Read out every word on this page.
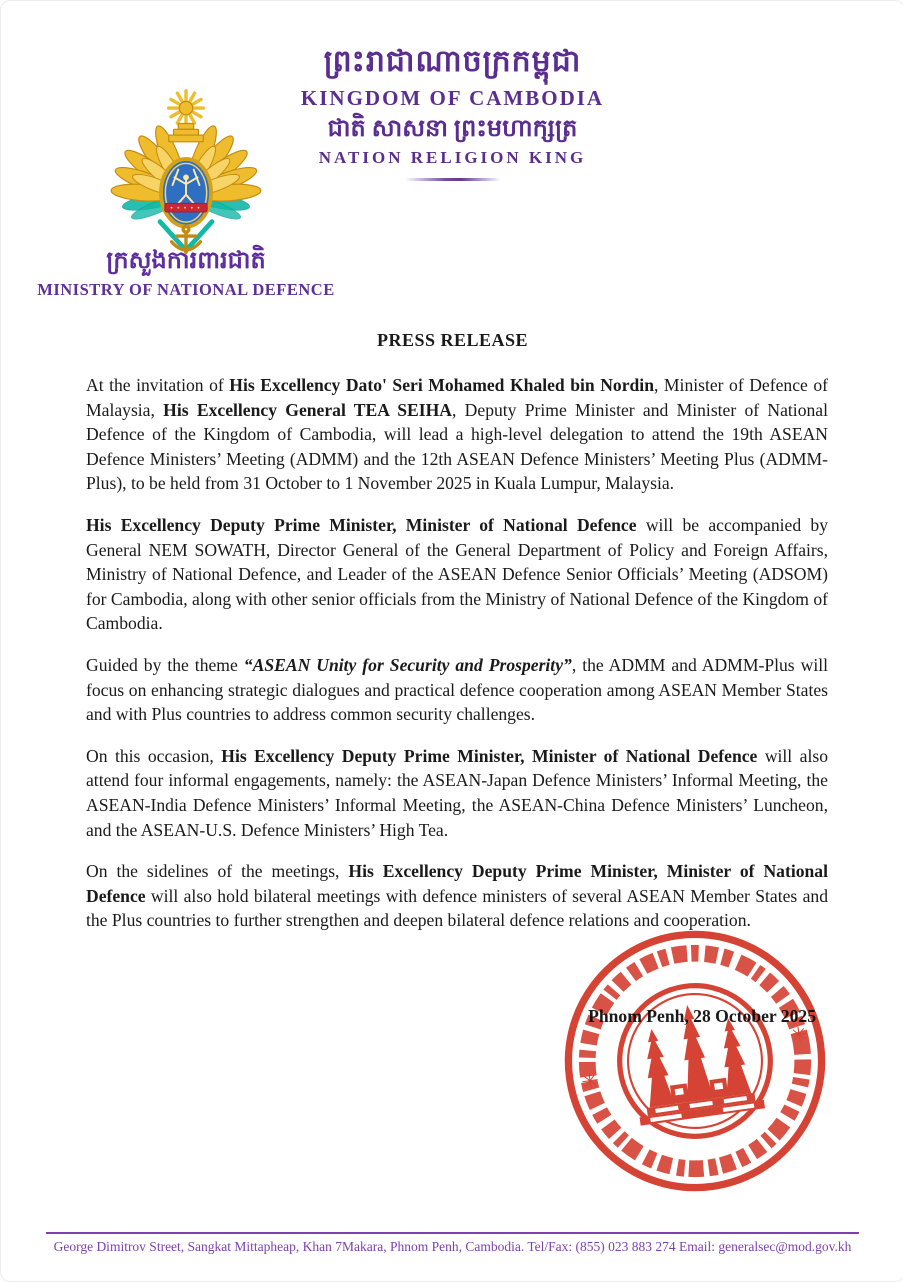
ព្រះរាជាណាចក្រកម្ពុជា
KINGDOM OF CAMBODIA
ជាតិ សាសនា ព្រះមហាក្សត្រ
NATION RELIGION KING
ក្រសួងការពារជាតិ
MINISTRY OF NATIONAL DEFENCE
PRESS RELEASE

At the invitation of His Excellency Dato' Seri Mohamed Khaled bin Nordin, Minister of Defence of Malaysia, His Excellency General TEA SEIHA, Deputy Prime Minister and Minister of National Defence of the Kingdom of Cambodia, will lead a high-level delegation to attend the 19th ASEAN Defence Ministers’ Meeting (ADMM) and the 12th ASEAN Defence Ministers’ Meeting Plus (ADMM-Plus), to be held from 31 October to 1 November 2025 in Kuala Lumpur, Malaysia.

His Excellency Deputy Prime Minister, Minister of National Defence will be accompanied by General NEM SOWATH, Director General of the General Department of Policy and Foreign Affairs, Ministry of National Defence, and Leader of the ASEAN Defence Senior Officials’ Meeting (ADSOM) for Cambodia, along with other senior officials from the Ministry of National Defence of the Kingdom of Cambodia.

Guided by the theme “ASEAN Unity for Security and Prosperity”, the ADMM and ADMM-Plus will focus on enhancing strategic dialogues and practical defence cooperation among ASEAN Member States and with Plus countries to address common security challenges.

On this occasion, His Excellency Deputy Prime Minister, Minister of National Defence will also attend four informal engagements, namely: the ASEAN-Japan Defence Ministers’ Informal Meeting, the ASEAN-India Defence Ministers’ Informal Meeting, the ASEAN-China Defence Ministers’ Luncheon, and the ASEAN-U.S. Defence Ministers’ High Tea.

On the sidelines of the meetings, His Excellency Deputy Prime Minister, Minister of National Defence will also hold bilateral meetings with defence ministers of several ASEAN Member States and the Plus countries to further strengthen and deepen bilateral defence relations and cooperation.

Phnom Penh, 28 October 2025
✳
✳
George Dimitrov Street, Sangkat Mittapheap, Khan 7Makara, Phnom Penh, Cambodia. Tel/Fax: (855) 023 883 274 Email: generalsec@mod.gov.kh
